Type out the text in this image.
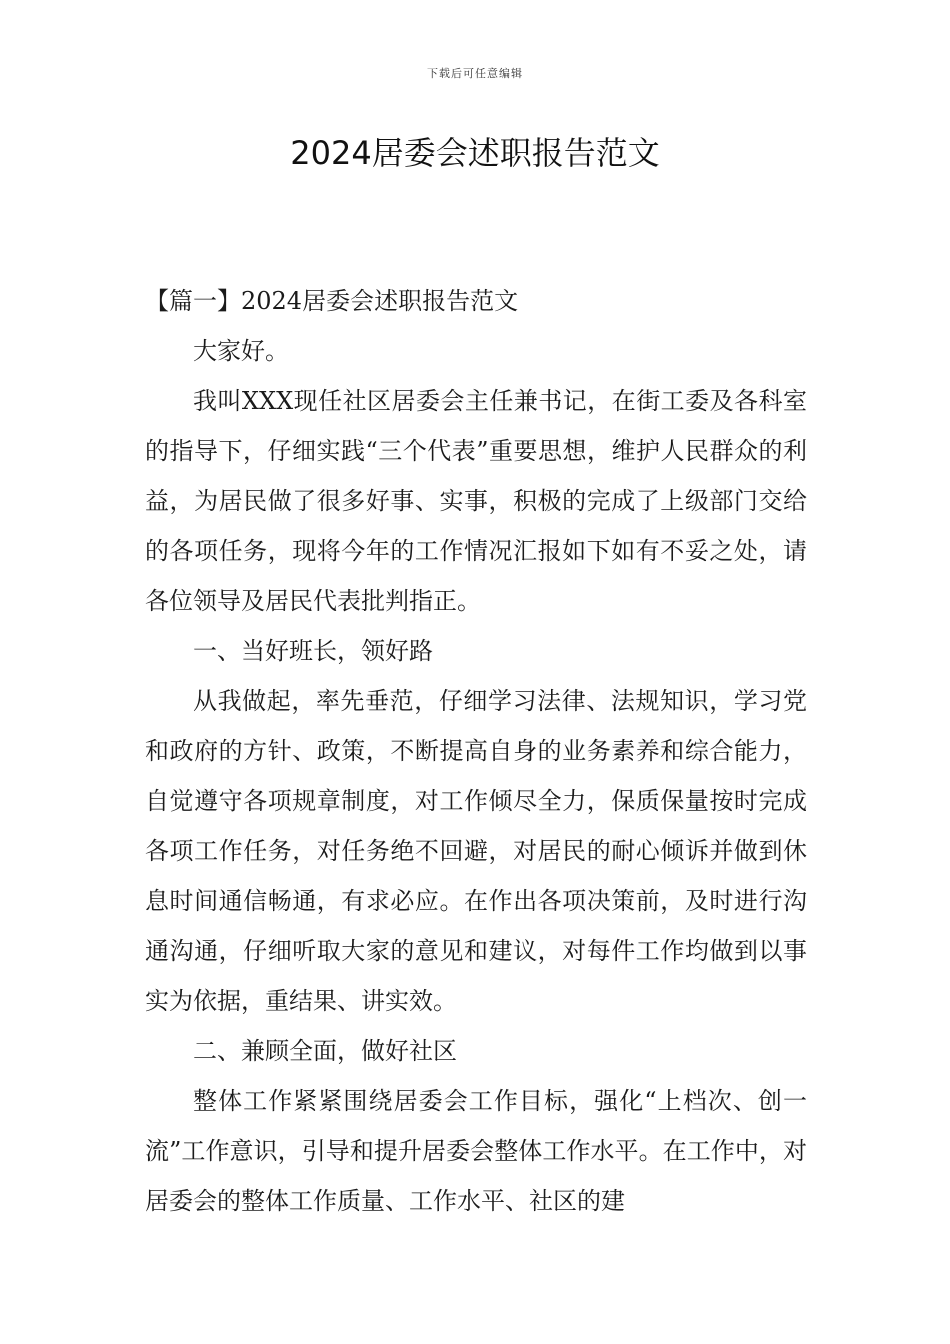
下载后可任意编辑
2024居委会述职报告范文

【篇一】2024居委会述职报告范文

大家好。

我叫XXX现任社区居委会主任兼书记，在街工委及各科室的指导下，仔细实践“三个代表”重要思想，维护人民群众的利益，为居民做了很多好事、实事，积极的完成了上级部门交给的各项任务，现将今年的工作情况汇报如下如有不妥之处，请各位领导及居民代表批判指正。

一、当好班长，领好路

从我做起，率先垂范，仔细学习法律、法规知识，学习党和政府的方针、政策，不断提高自身的业务素养和综合能力，自觉遵守各项规章制度，对工作倾尽全力，保质保量按时完成各项工作任务，对任务绝不回避，对居民的耐心倾诉并做到休息时间通信畅通，有求必应。在作出各项决策前，及时进行沟通沟通，仔细听取大家的意见和建议，对每件工作均做到以事实为依据，重结果、讲实效。

二、兼顾全面，做好社区

整体工作紧紧围绕居委会工作目标，强化“上档次、创一流”工作意识，引导和提升居委会整体工作水平。在工作中，对居委会的整体工作质量、工作水平、社区的建
